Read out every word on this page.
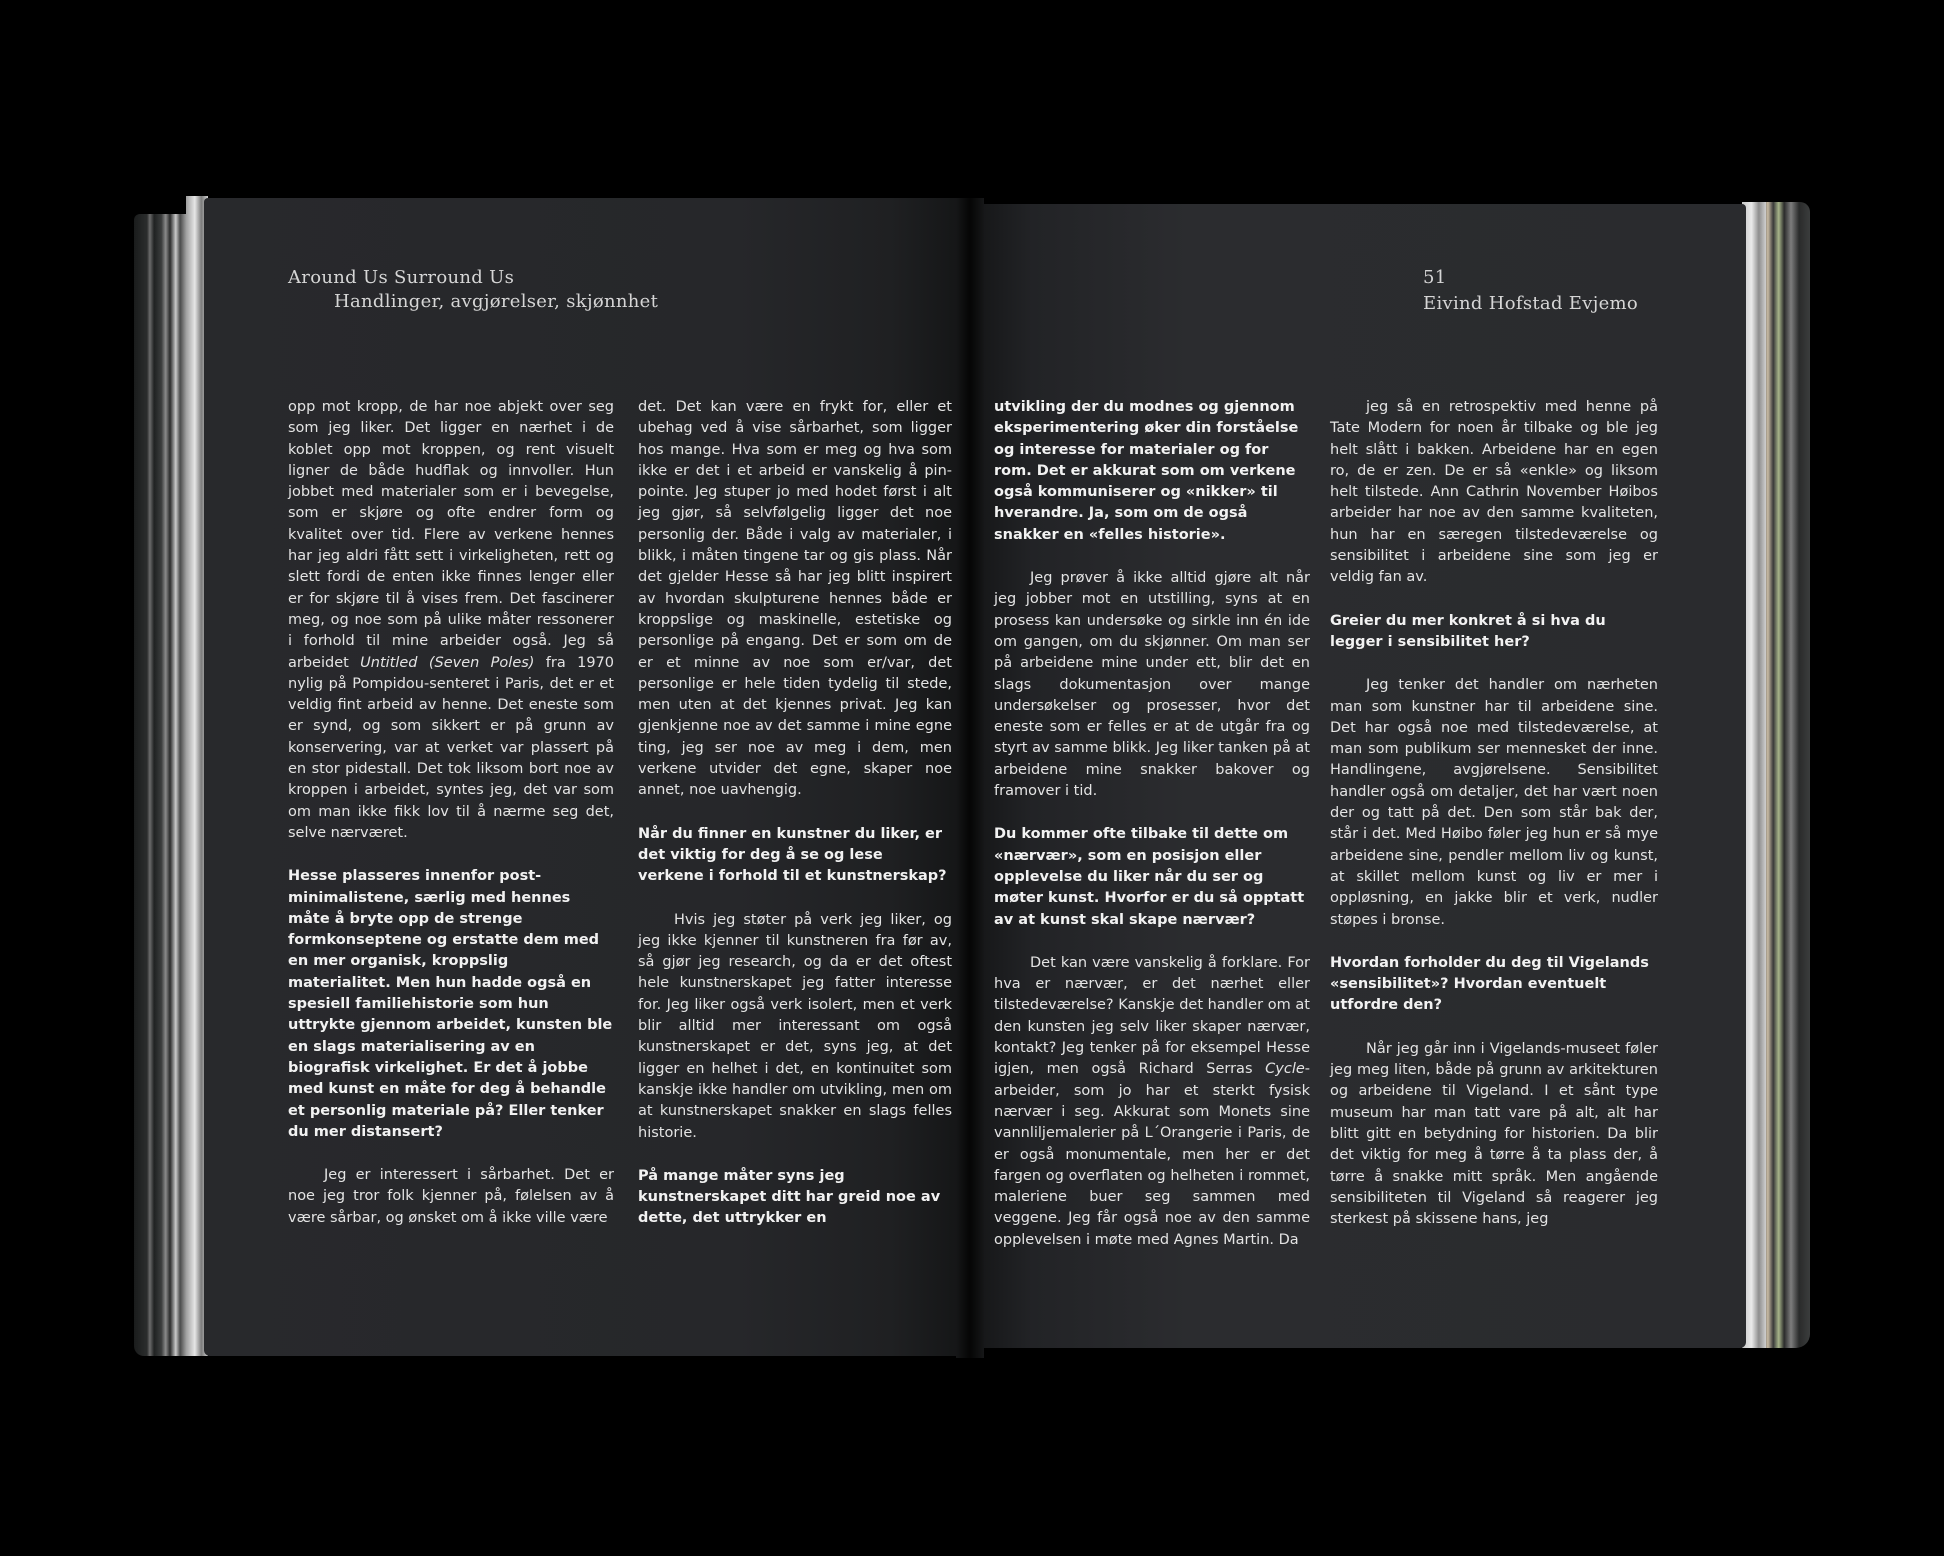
Around Us Surround Us
Handlinger, avgjørelser, skjønnhet
51
Eivind Hofstad Evjemo

opp mot kropp, de har noe abjekt over seg som jeg liker. Det ligger en nærhet i de koblet opp mot kroppen, og rent visuelt ligner de både hudflak og innvoller. Hun jobbet med materialer som er i bevegelse, som er skjøre og ofte endrer form og kvalitet over tid. Flere av verkene hennes har jeg aldri fått sett i virkeligheten, rett og slett fordi de enten ikke finnes lenger eller er for skjøre til å vises frem. Det fascinerer meg, og noe som på ulike måter ressonerer i forhold til mine arbeider også. Jeg så arbeidet Untitled (Seven Poles) fra 1970 nylig på Pompidou-senteret i Paris, det er et veldig fint arbeid av henne. Det eneste som er synd, og som sikkert er på grunn av konservering, var at verket var plassert på en stor pidestall. Det tok liksom bort noe av kroppen i arbeidet, syntes jeg, det var som om man ikke fikk lov til å nærme seg det, selve nærværet.

Hesse plasseres innenfor post-minimalistene, særlig med hennes måte å bryte opp de strenge formkonseptene og erstatte dem med en mer organisk, kroppslig materialitet. Men hun hadde også en spesiell familiehistorie som hun uttrykte gjennom arbeidet, kunsten ble en slags materialisering av en biografisk virkelighet. Er det å jobbe med kunst en måte for deg å behandle et personlig materiale på? Eller tenker du mer distansert?

Jeg er interessert i sårbarhet. Det er noe jeg tror folk kjenner på, følelsen av å være sårbar, og ønsket om å ikke ville være

det. Det kan være en frykt for, eller et ubehag ved å vise sårbarhet, som ligger hos mange. Hva som er meg og hva som ikke er det i et arbeid er vanskelig å pin-pointe. Jeg stuper jo med hodet først i alt jeg gjør, så selvfølgelig ligger det noe personlig der. Både i valg av materialer, i blikk, i måten tingene tar og gis plass. Når det gjelder Hesse så har jeg blitt inspirert av hvordan skulpturene hennes både er kroppslige og maskinelle, estetiske og personlige på engang. Det er som om de er et minne av noe som er/var, det personlige er hele tiden tydelig til stede, men uten at det kjennes privat. Jeg kan gjenkjenne noe av det samme i mine egne ting, jeg ser noe av meg i dem, men verkene utvider det egne, skaper noe annet, noe uavhengig.

Når du finner en kunstner du liker, er det viktig for deg å se og lese verkene i forhold til et kunstnerskap?

Hvis jeg støter på verk jeg liker, og jeg ikke kjenner til kunstneren fra før av, så gjør jeg research, og da er det oftest hele kunstnerskapet jeg fatter interesse for. Jeg liker også verk isolert, men et verk blir alltid mer interessant om også kunstnerskapet er det, syns jeg, at det ligger en helhet i det, en kontinuitet som kanskje ikke handler om utvikling, men om at kunstnerskapet snakker en slags felles historie.

På mange måter syns jeg kunstnerskapet ditt har greid noe av dette, det uttrykker en

utvikling der du modnes og gjennom eksperimentering øker din forståelse og interesse for materialer og for rom. Det er akkurat som om verkene også kommuniserer og «nikker» til hverandre. Ja, som om de også snakker en «felles historie».

Jeg prøver å ikke alltid gjøre alt når jeg jobber mot en utstilling, syns at en prosess kan undersøke og sirkle inn én ide om gangen, om du skjønner. Om man ser på arbeidene mine under ett, blir det en slags dokumentasjon over mange undersøkelser og prosesser, hvor det eneste som er felles er at de utgår fra og styrt av samme blikk. Jeg liker tanken på at arbeidene mine snakker bakover og framover i tid.

Du kommer ofte tilbake til dette om «nærvær», som en posisjon eller opplevelse du liker når du ser og møter kunst. Hvorfor er du så opptatt av at kunst skal skape nærvær?

Det kan være vanskelig å forklare. For hva er nærvær, er det nærhet eller tilstedeværelse? Kanskje det handler om at den kunsten jeg selv liker skaper nærvær, kontakt? Jeg tenker på for eksempel Hesse igjen, men også Richard Serras Cycle-arbeider, som jo har et sterkt fysisk nærvær i seg. Akkurat som Monets sine vannliljemalerier på L´Orangerie i Paris, de er også monumentale, men her er det fargen og overflaten og helheten i rommet, maleriene buer seg sammen med veggene. Jeg får også noe av den samme opplevelsen i møte med Agnes Martin. Da

jeg så en retrospektiv med henne på Tate Modern for noen år tilbake og ble jeg helt slått i bakken. Arbeidene har en egen ro, de er zen. De er så «enkle» og liksom helt tilstede. Ann Cathrin November Høibos arbeider har noe av den samme kvaliteten, hun har en særegen tilstedeværelse og sensibilitet i arbeidene sine som jeg er veldig fan av.

Greier du mer konkret å si hva du legger i sensibilitet her?

Jeg tenker det handler om nærheten man som kunstner har til arbeidene sine. Det har også noe med tilstedeværelse, at man som publikum ser mennesket der inne. Handlingene, avgjørelsene. Sensibilitet handler også om detaljer, det har vært noen der og tatt på det. Den som står bak der, står i det. Med Høibo føler jeg hun er så mye arbeidene sine, pendler mellom liv og kunst, at skillet mellom kunst og liv er mer i oppløsning, en jakke blir et verk, nudler støpes i bronse.

Hvordan forholder du deg til Vigelands «sensibilitet»? Hvordan eventuelt utfordre den?

Når jeg går inn i Vigelands-museet føler jeg meg liten, både på grunn av arkitekturen og arbeidene til Vigeland. I et sånt type museum har man tatt vare på alt, alt har blitt gitt en betydning for historien. Da blir det viktig for meg å tørre å ta plass der, å tørre å snakke mitt språk. Men angående sensibiliteten til Vigeland så reagerer jeg sterkest på skissene hans, jeg
